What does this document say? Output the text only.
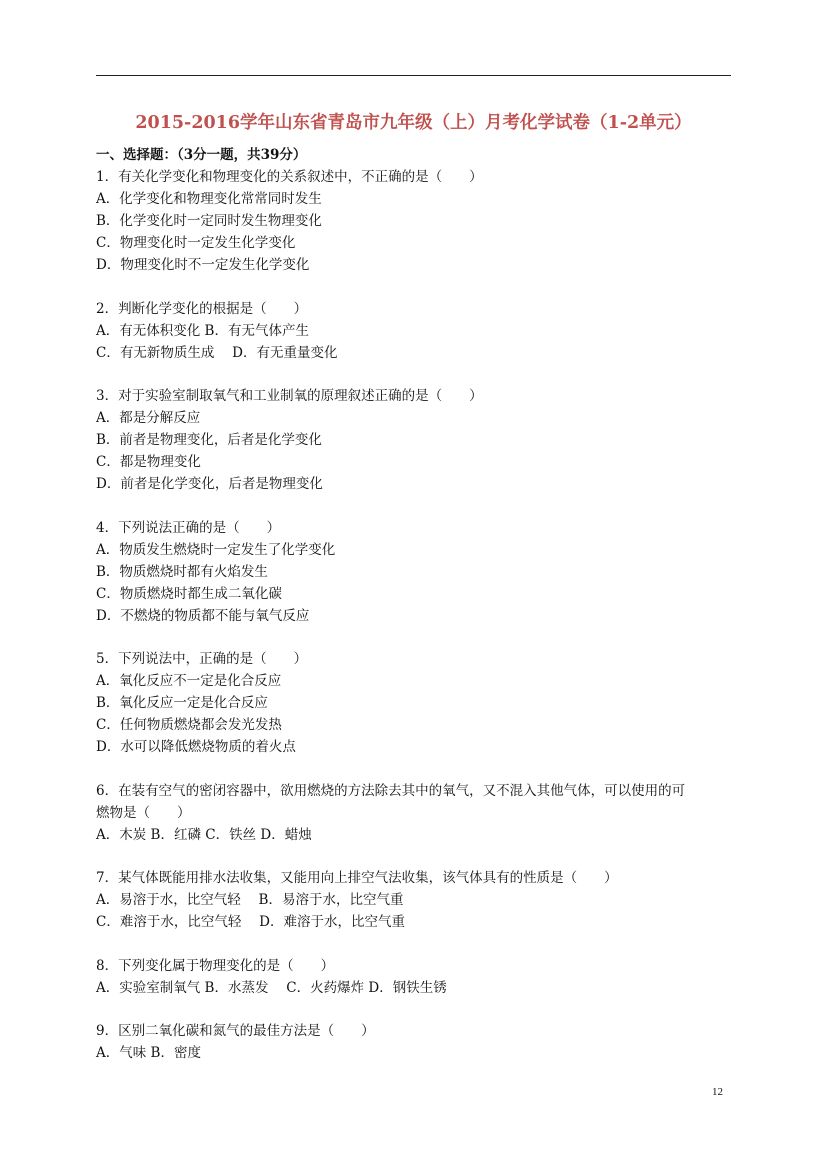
2015-2016学年山东省青岛市九年级（上）月考化学试卷（1-2单元）
一、选择题：（3分一题，共39分）
1．有关化学变化和物理变化的关系叙述中，不正确的是（　　）
A．化学变化和物理变化常常同时发生
B．化学变化时一定同时发生物理变化
C．物理变化时一定发生化学变化
D．物理变化时不一定发生化学变化
2．判断化学变化的根据是（　　）
A．有无体积变化 B．有无气体产生
C．有无新物质生成　 D．有无重量变化
3．对于实验室制取氧气和工业制氧的原理叙述正确的是（　　）
A．都是分解反应
B．前者是物理变化，后者是化学变化
C．都是物理变化
D．前者是化学变化，后者是物理变化
4．下列说法正确的是（　　）
A．物质发生燃烧时一定发生了化学变化
B．物质燃烧时都有火焰发生
C．物质燃烧时都生成二氧化碳
D．不燃烧的物质都不能与氧气反应
5．下列说法中，正确的是（　　）
A．氧化反应不一定是化合反应
B．氧化反应一定是化合反应
C．任何物质燃烧都会发光发热
D．水可以降低燃烧物质的着火点
6．在装有空气的密闭容器中，欲用燃烧的方法除去其中的氧气，又不混入其他气体，可以使用的可
燃物是（　　）
A．木炭 B．红磷 C．铁丝 D．蜡烛
7．某气体既能用排水法收集，又能用向上排空气法收集，该气体具有的性质是（　　）
A．易溶于水，比空气轻　 B．易溶于水，比空气重
C．难溶于水，比空气轻　 D．难溶于水，比空气重
8．下列变化属于物理变化的是（　　）
A．实验室制氧气 B．水蒸发　 C．火药爆炸 D．钢铁生锈
9．区别二氧化碳和氮气的最佳方法是（　　）
A．气味 B．密度
12
